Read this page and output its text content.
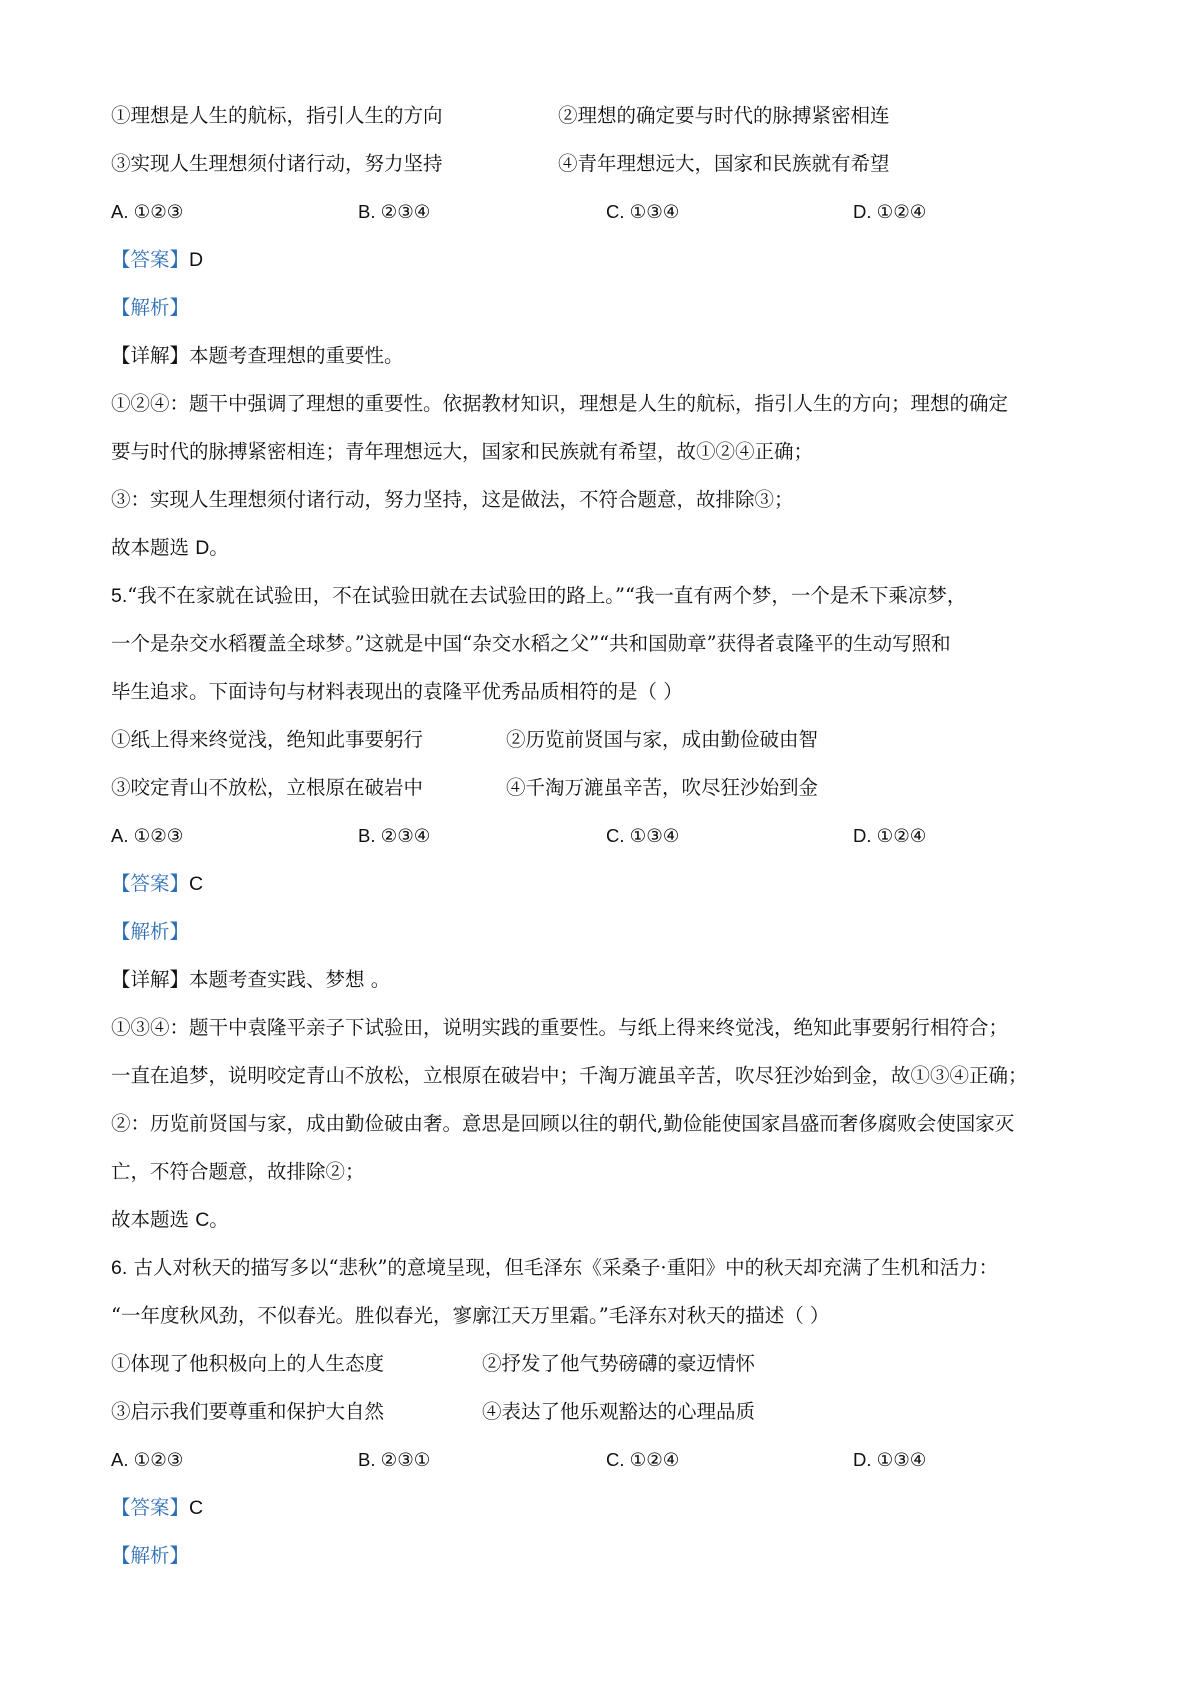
①理想是人生的航标，指引人生的方向	②理想的确定要与时代的脉搏紧密相连
③实现人生理想须付诸行动，努力坚持	④青年理想远大，国家和民族就有希望
A. ①②③	B. ②③④	C. ①③④	D. ①②④
【答案】D
【解析】
【详解】本题考查理想的重要性。
①②④：题干中强调了理想的重要性。依据教材知识，理想是人生的航标，指引人生的方向；理想的确定
要与时代的脉搏紧密相连；青年理想远大，国家和民族就有希望，故①②④正确；
③：实现人生理想须付诸行动，努力坚持，这是做法，不符合题意，故排除③；
故本题选 D。
5.“我不在家就在试验田，不在试验田就在去试验田的路上。”“我一直有两个梦，一个是禾下乘凉梦，
一个是杂交水稻覆盖全球梦。”这就是中国“杂交水稻之父”“共和国勋章”获得者袁隆平的生动写照和
毕生追求。下面诗句与材料表现出的袁隆平优秀品质相符的是（ ）
①纸上得来终觉浅，绝知此事要躬行	②历览前贤国与家，成由勤俭破由智
③咬定青山不放松，立根原在破岩中	④千淘万漉虽辛苦，吹尽狂沙始到金
A. ①②③	B. ②③④	C. ①③④	D. ①②④
【答案】C
【解析】
【详解】本题考查实践、梦想 。
①③④：题干中袁隆平亲子下试验田，说明实践的重要性。与纸上得来终觉浅，绝知此事要躬行相符合；
一直在追梦，说明咬定青山不放松，立根原在破岩中；千淘万漉虽辛苦，吹尽狂沙始到金，故①③④正确；
②：历览前贤国与家，成由勤俭破由奢。意思是回顾以往的朝代,勤俭能使国家昌盛而奢侈腐败会使国家灭
亡，不符合题意，故排除②；
故本题选 C。
6. 古人对秋天的描写多以“悲秋”的意境呈现，但毛泽东《采桑子·重阳》中的秋天却充满了生机和活力：
“一年度秋风劲，不似春光。胜似春光，寥廓江天万里霜。”毛泽东对秋天的描述（ ）
①体现了他积极向上的人生态度	②抒发了他气势磅礴的豪迈情怀
③启示我们要尊重和保护大自然	④表达了他乐观豁达的心理品质
A. ①②③	B. ②③①	C. ①②④	D. ①③④
【答案】C
【解析】
